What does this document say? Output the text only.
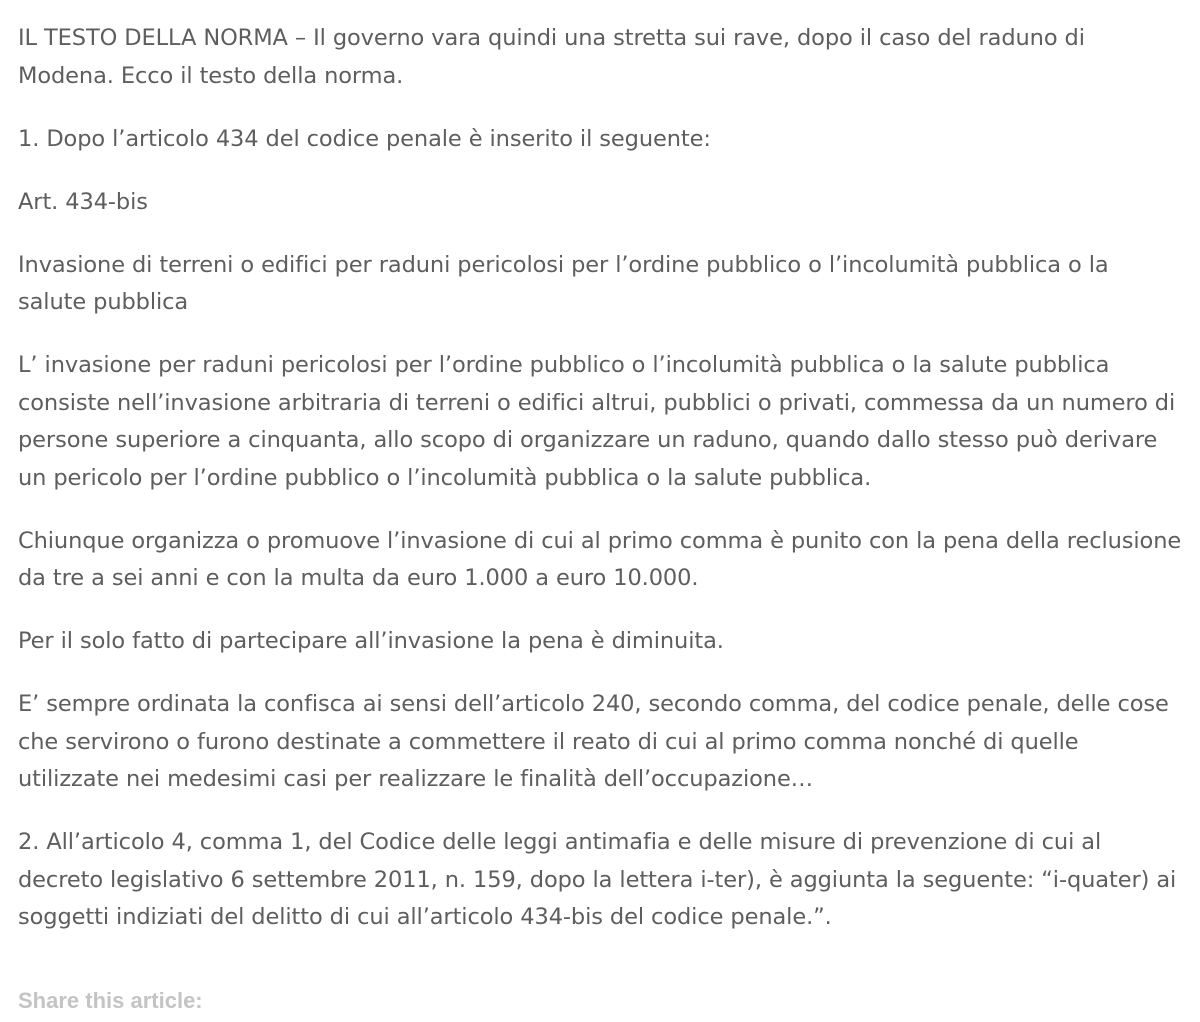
IL TESTO DELLA NORMA – Il governo vara quindi una stretta sui rave, dopo il caso del raduno di Modena. Ecco il testo della norma.

1. Dopo l’articolo 434 del codice penale è inserito il seguente:

Art. 434-bis

Invasione di terreni o edifici per raduni pericolosi per l’ordine pubblico o l’incolumità pubblica o la salute pubblica

L’ invasione per raduni pericolosi per l’ordine pubblico o l’incolumità pubblica o la salute pubblica consiste nell’invasione arbitraria di terreni o edifici altrui, pubblici o privati, commessa da un numero di persone superiore a cinquanta, allo scopo di organizzare un raduno, quando dallo stesso può derivare un pericolo per l’ordine pubblico o l’incolumità pubblica o la salute pubblica.

Chiunque organizza o promuove l’invasione di cui al primo comma è punito con la pena della reclusione da tre a sei anni e con la multa da euro 1.000 a euro 10.000.

Per il solo fatto di partecipare all’invasione la pena è diminuita.

E’ sempre ordinata la confisca ai sensi dell’articolo 240, secondo comma, del codice penale, delle cose che servirono o furono destinate a commettere il reato di cui al primo comma nonché di quelle utilizzate nei medesimi casi per realizzare le finalità dell’occupazione…

2. All’articolo 4, comma 1, del Codice delle leggi antimafia e delle misure di prevenzione di cui al decreto legislativo 6 settembre 2011, n. 159, dopo la lettera i-ter), è aggiunta la seguente: “i-quater) ai soggetti indiziati del delitto di cui all’articolo 434-bis del codice penale.”.

Share this article:
